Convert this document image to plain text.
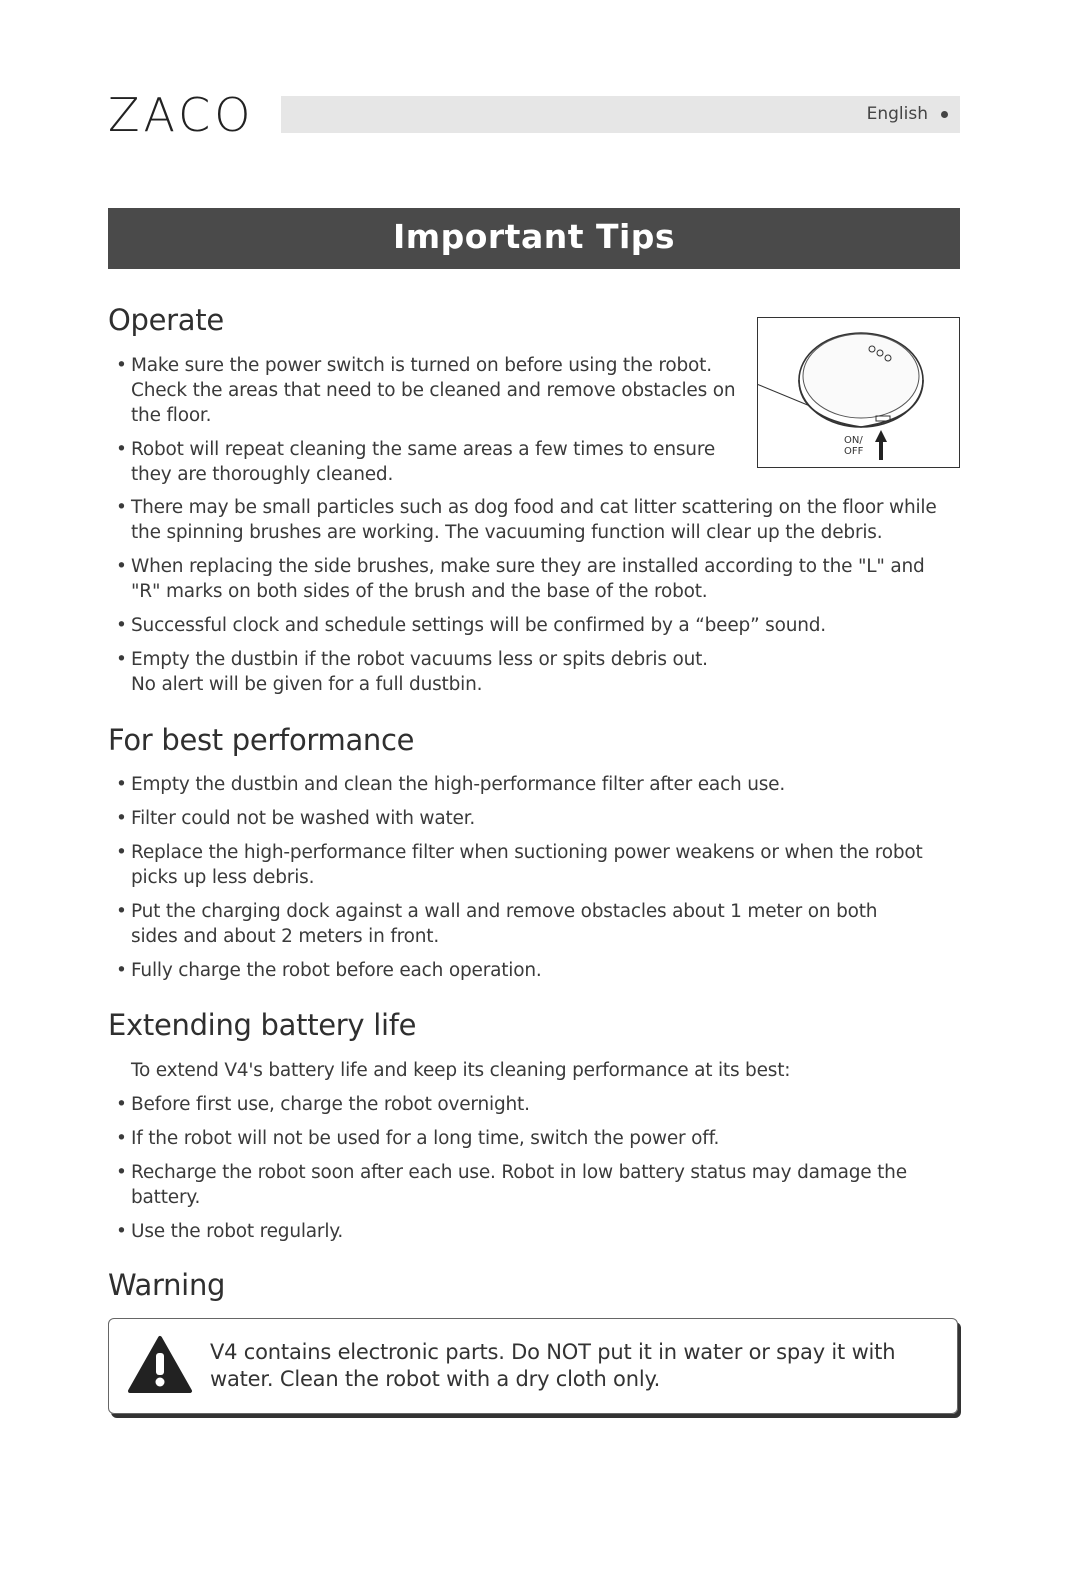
ZACO	English
Important Tips
Operate
• Make sure the power switch is turned on before using the robot. Check the areas that need to be cleaned and remove obstacles on the floor.
• Robot will repeat cleaning the same areas a few times to ensure they are thoroughly cleaned.
• There may be small particles such as dog food and cat litter scattering on the floor while the spinning brushes are working. The vacuuming function will clear up the debris.
• When replacing the side brushes, make sure they are installed according to the "L" and "R" marks on both sides of the brush and the base of the robot.
• Successful clock and schedule settings will be confirmed by a “beep” sound.
• Empty the dustbin if the robot vacuums less or spits debris out. No alert will be given for a full dustbin.
ON/ OFF
For best performance
• Empty the dustbin and clean the high-performance filter after each use.
• Filter could not be washed with water.
• Replace the high-performance filter when suctioning power weakens or when the robot picks up less debris.
• Put the charging dock against a wall and remove obstacles about 1 meter on both sides and about 2 meters in front.
• Fully charge the robot before each operation.
Extending battery life
To extend V4's battery life and keep its cleaning performance at its best:
• Before first use, charge the robot overnight.
• If the robot will not be used for a long time, switch the power off.
• Recharge the robot soon after each use. Robot in low battery status may damage the battery.
• Use the robot regularly.
Warning
V4 contains electronic parts. Do NOT put it in water or spay it with water. Clean the robot with a dry cloth only.
